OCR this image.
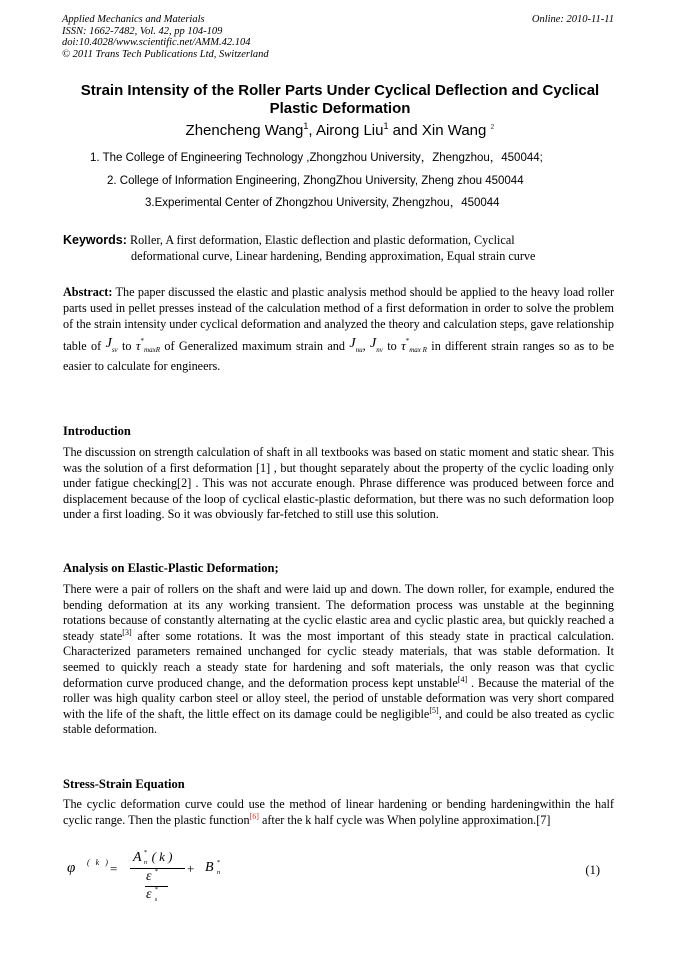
Applied Mechanics and Materials
ISSN: 1662-7482, Vol. 42, pp 104-109
doi:10.4028/www.scientific.net/AMM.42.104
© 2011 Trans Tech Publications Ltd, Switzerland
Online: 2010-11-11
Strain Intensity of the Roller Parts Under Cyclical Deflection and Cyclical
Plastic Deformation
Zhencheng Wang$^1$, Airong Liu$^1$ and Xin Wang $^2$
1. The College of Engineering Technology ,Zhongzhou University，Zhengzhou，450044;
2. College of Information Engineering, ZhongZhou University, Zheng zhou 450044
3.Experimental Center of Zhongzhou University, Zhengzhou，450044
Keywords: Roller, A first deformation, Elastic deflection and plastic deformation, Cyclical
deformational curve, Linear hardening, Bending approximation, Equal strain curve
Abstract: The paper discussed the elastic and plastic analysis method should be applied to the heavy load roller parts used in pellet presses instead of the calculation method of a first deformation in order to solve the problem of the strain intensity under cyclical deformation and analyzed the theory and calculation steps, gave relationship table of Jsv to τ*maxR of Generalized maximum strain and Jnu, Jnv to τ*max R in different strain ranges so as to be easier to calculate for engineers.
Introduction
The discussion on strength calculation of shaft in all textbooks was based on static moment and static shear. This was the solution of a first deformation [1] , but thought separately about the property of the cyclic loading only under fatigue checking[2] . This was not accurate enough. Phrase difference was produced between force and displacement because of the loop of cyclical elastic-plastic deformation, but there was no such deformation loop under a first loading. So it was obviously far-fetched to still use this solution.
Analysis on Elastic-Plastic Deformation;
There were a pair of rollers on the shaft and were laid up and down. The down roller, for example, endured the bending deformation at its any working transient. The deformation process was unstable at the beginning rotations because of constantly alternating at the cyclic elastic area and cyclic plastic area, but quickly reached a steady state[3] after some rotations. It was the most important of this steady state in practical calculation. Characterized parameters remained unchanged for cyclic steady materials, that was stable deformation. It seemed to quickly reach a steady state for hardening and soft materials, the only reason was that cyclic deformation curve produced change, and the deformation process kept unstable[4] . Because the material of the roller was high quality carbon steel or alloy steel, the period of unstable deformation was very short compared with the life of the shaft, the little effect on its damage could be negligible[5], and could be also treated as cyclic stable deformation.
Stress-Strain Equation
The cyclic deformation curve could use the method of linear hardening or bending hardeningwithin the half cyclic range. Then the plastic function[6] after the k half cycle was When polyline approximation.[7]
φ ( k ) =
A *$_n$ ( k )
ε *
ε *$_s$
+ B *$_n$	(1)
